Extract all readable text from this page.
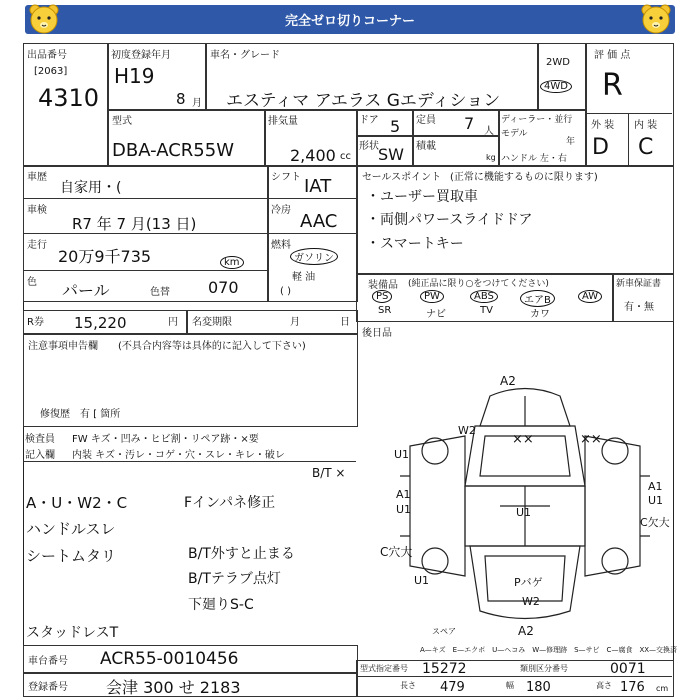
完全ゼロ切りコーナー
出品番号
[2063]
4310
初度登録年月
H19
8 月
車名・グレード
エスティマ アエラス Gエディション
2WD
4WD
評 価 点
R
外 装 内 装
D C
型式
DBA-ACR55W
排気量
2,400 cc
ドア 5 定員 7 人
形状 SW 積載
kg
ディーラー・並行
モデル
年
ハンドル 左・右
車歴
自家用・(
車検
R7 年 7 月(13 日)
走行
20万9千735	km
色 パール	色替 070
シフト IAT
冷房
AAC
燃料
ガソリン
軽 油
( )
セールスポイント (正常に機能するものに限ります)
・ユーザー買取車
・両側パワースライドドア
・スマートキー
装備品 (純正品に限り○をつけてください)
PS	PW	ABS	エアB	AW
SR	ナビ	TV	カワ
新車保証書
有・無
後日品
R券 15,220	円 名変期限	月	日
注意事項申告欄 (不具合内容等は具体的に記入して下さい)
修復歴　有 [ 箇所
検査員 FW キズ・凹み・ヒビ割・リペア跡・×要
記入欄 内装 キズ・汚レ・コゲ・穴・スレ・キレ・破レ
B/T ×
A・U・W2・C
ハンドルスレ
シートムタリ
Fインパネ修正
B/T外すと止まる
B/Tテラブ点灯
下廻りS-C
スタッドレスT
A2
W2
××	××
U1
A1
U1
A1
U1
C欠大
C穴大
U1
U1	Pバゲ
W2
スペア	A2
A—キズ　E—エクボ　U—ヘコみ　W—修理跡　S—サビ　C—腐食　XX—交換済
車台番号 ACR55-0010456
登録番号 会津 300 せ 2183
型式指定番号 15272	類別区分番号	0071
長さ 479	幅 180	高さ 176 cm
